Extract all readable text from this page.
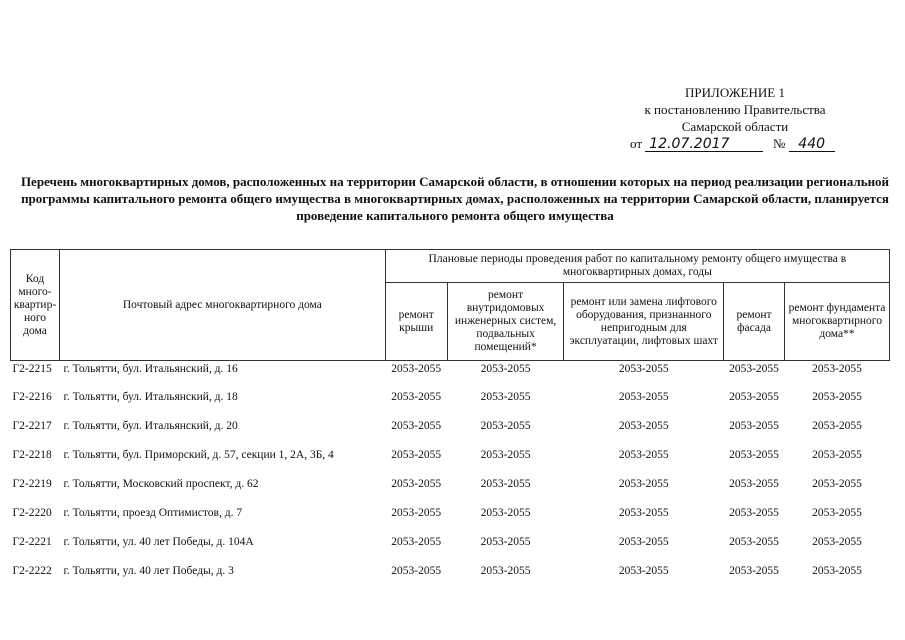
ПРИЛОЖЕНИЕ 1
к постановлению Правительства
Самарской области
от 12.07.2017	№ 440
Перечень многоквартирных домов, расположенных на территории Самарской области, в отношении которых на период реализации региональной программы капитального ремонта общего имущества в многоквартирных домах, расположенных на территории Самарской области, планируется проведение капитального ремонта общего имущества
Код много-квартир-ного дома	Почтовый адрес многоквартирного дома	Плановые периоды проведения работ по капитальному ремонту общего имущества в многоквартирных домах, годы				
		ремонт крыши	ремонт внутридомовых инженерных систем, подвальных помещений*	ремонт или замена лифтового оборудования, признанного непригодным для эксплуатации, лифтовых шахт	ремонт фасада	ремонт фундамента многоквартирного дома**
Г2-2215	г. Тольятти, бул. Итальянский, д. 16	2053-2055	2053-2055	2053-2055	2053-2055	2053-2055
Г2-2216	г. Тольятти, бул. Итальянский, д. 18	2053-2055	2053-2055	2053-2055	2053-2055	2053-2055
Г2-2217	г. Тольятти, бул. Итальянский, д. 20	2053-2055	2053-2055	2053-2055	2053-2055	2053-2055
Г2-2218	г. Тольятти, бул. Приморский, д. 57, секции 1, 2А, 3Б, 4	2053-2055	2053-2055	2053-2055	2053-2055	2053-2055
Г2-2219	г. Тольятти, Московский проспект, д. 62	2053-2055	2053-2055	2053-2055	2053-2055	2053-2055
Г2-2220	г. Тольятти, проезд Оптимистов, д. 7	2053-2055	2053-2055	2053-2055	2053-2055	2053-2055
Г2-2221	г. Тольятти, ул. 40 лет Победы, д. 104А	2053-2055	2053-2055	2053-2055	2053-2055	2053-2055
Г2-2222	г. Тольятти, ул. 40 лет Победы, д. 3	2053-2055	2053-2055	2053-2055	2053-2055	2053-2055
